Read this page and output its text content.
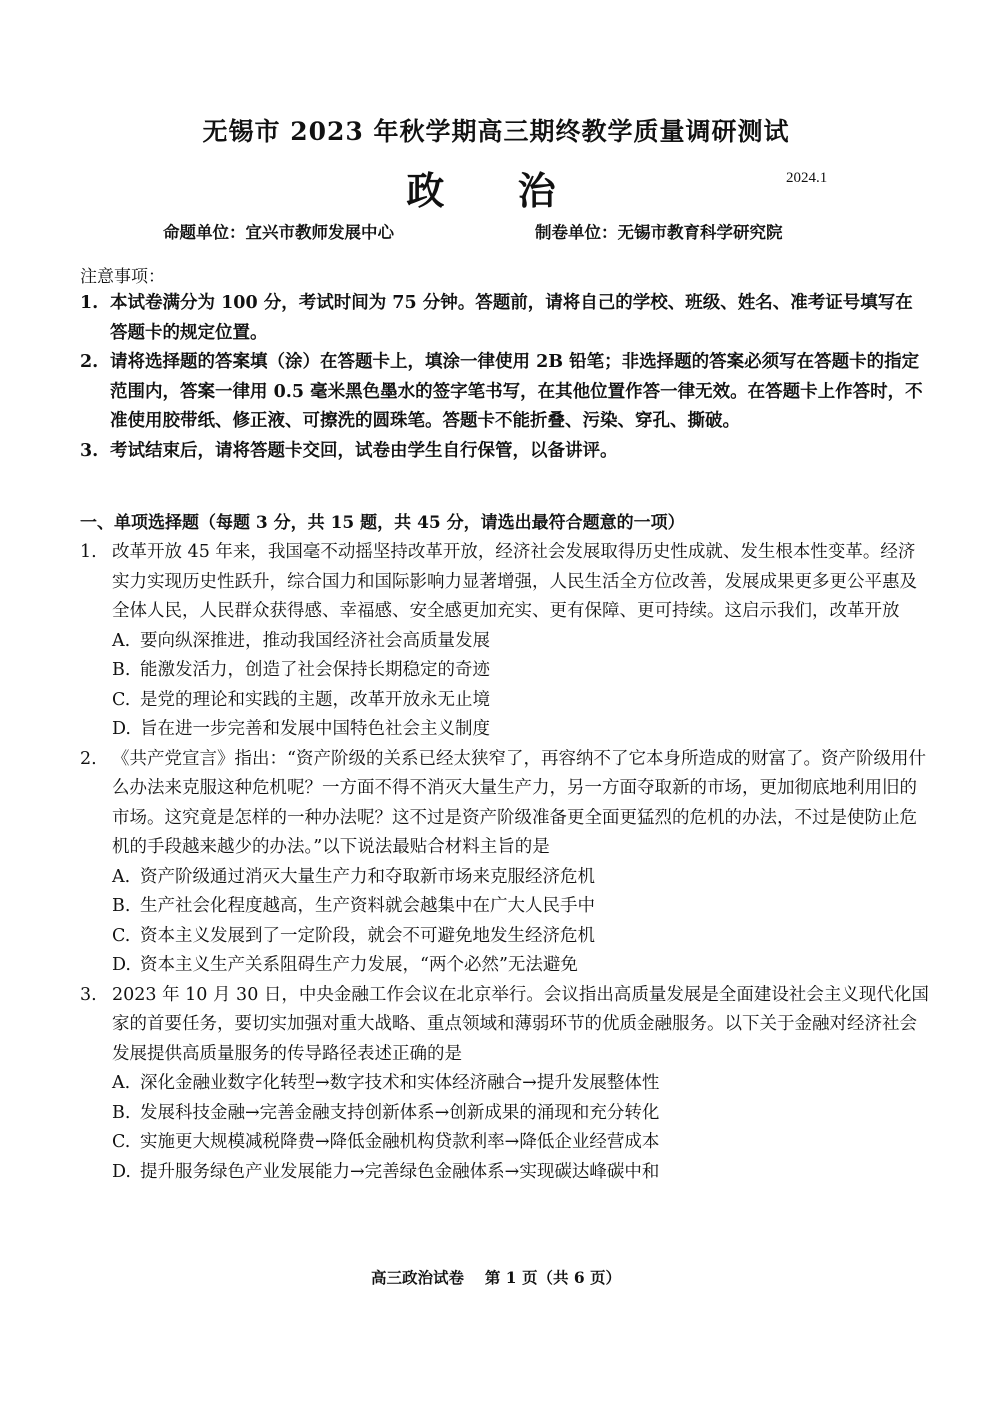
无锡市 2023 年秋学期高三期终教学质量调研测试
政 治	2024.1
命题单位：宜兴市教师发展中心	制卷单位：无锡市教育科学研究院
注意事项：
1. 本试卷满分为 100 分，考试时间为 75 分钟。答题前，请将自己的学校、班级、姓名、准考证号填写在答题卡的规定位置。
2. 请将选择题的答案填（涂）在答题卡上，填涂一律使用 2B 铅笔；非选择题的答案必须写在答题卡的指定范围内，答案一律用 0.5 毫米黑色墨水的签字笔书写，在其他位置作答一律无效。在答题卡上作答时，不准使用胶带纸、修正液、可擦洗的圆珠笔。答题卡不能折叠、污染、穿孔、撕破。
3. 考试结束后，请将答题卡交回，试卷由学生自行保管，以备讲评。
一、单项选择题（每题 3 分，共 15 题，共 45 分，请选出最符合题意的一项）
1. 改革开放 45 年来，我国毫不动摇坚持改革开放，经济社会发展取得历史性成就、发生根本性变革。经济实力实现历史性跃升，综合国力和国际影响力显著增强，人民生活全方位改善，发展成果更多更公平惠及全体人民，人民群众获得感、幸福感、安全感更加充实、更有保障、更可持续。这启示我们，改革开放
A. 要向纵深推进，推动我国经济社会高质量发展
B. 能激发活力，创造了社会保持长期稳定的奇迹
C. 是党的理论和实践的主题，改革开放永无止境
D. 旨在进一步完善和发展中国特色社会主义制度
2. 《共产党宣言》指出：“资产阶级的关系已经太狭窄了，再容纳不了它本身所造成的财富了。资产阶级用什么办法来克服这种危机呢？一方面不得不消灭大量生产力，另一方面夺取新的市场，更加彻底地利用旧的市场。这究竟是怎样的一种办法呢？这不过是资产阶级准备更全面更猛烈的危机的办法，不过是使防止危机的手段越来越少的办法。”以下说法最贴合材料主旨的是
A. 资产阶级通过消灭大量生产力和夺取新市场来克服经济危机
B. 生产社会化程度越高，生产资料就会越集中在广大人民手中
C. 资本主义发展到了一定阶段，就会不可避免地发生经济危机
D. 资本主义生产关系阻碍生产力发展，“两个必然”无法避免
3. 2023 年 10 月 30 日，中央金融工作会议在北京举行。会议指出高质量发展是全面建设社会主义现代化国家的首要任务，要切实加强对重大战略、重点领域和薄弱环节的优质金融服务。以下关于金融对经济社会发展提供高质量服务的传导路径表述正确的是
A. 深化金融业数字化转型→数字技术和实体经济融合→提升发展整体性
B. 发展科技金融→完善金融支持创新体系→创新成果的涌现和充分转化
C. 实施更大规模减税降费→降低金融机构贷款利率→降低企业经营成本
D. 提升服务绿色产业发展能力→完善绿色金融体系→实现碳达峰碳中和
高三政治试卷　 第 1 页（共 6 页）
